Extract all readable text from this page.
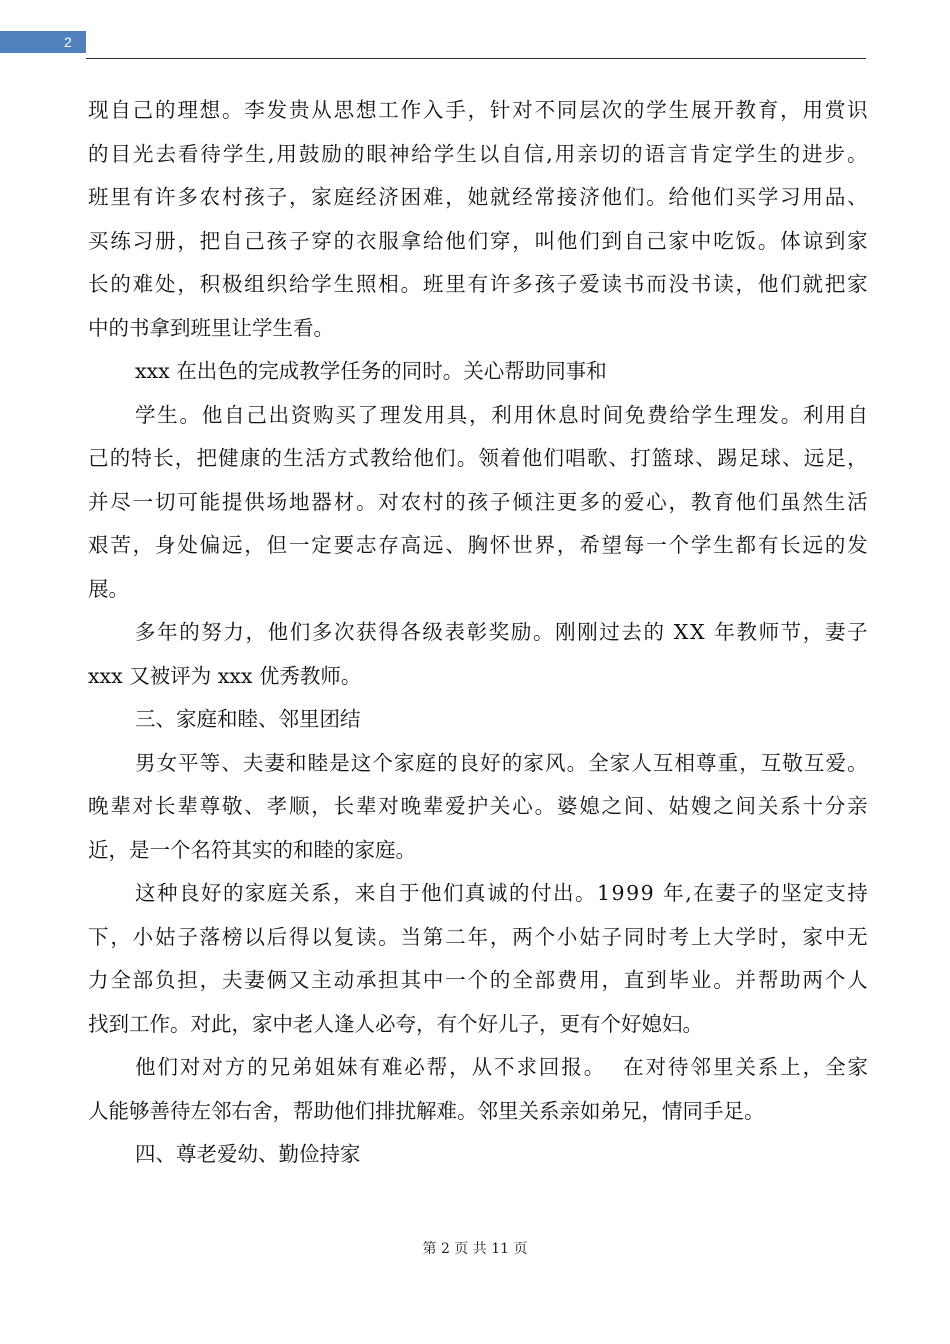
2
现 自 己 的 理 想 。 李 发 贵 从 思 想 工 作 入 手 ， 针 对 不 同 层 次 的 学 生 展 开 教 育 ， 用 赏 识
的 目 光 去 看 待 学 生 , 用 鼓 励 的 眼 神 给 学 生 以 自 信 , 用 亲 切 的 语 言 肯 定 学 生 的 进 步 。
班 里 有 许 多 农 村 孩 子 ， 家 庭 经 济 困 难 ， 她 就 经 常 接 济 他 们 。 给 他 们 买 学 习 用 品 、
买 练 习 册 ， 把 自 己 孩 子 穿 的 衣 服 拿 给 他 们 穿 ， 叫 他 们 到 自 己 家 中 吃 饭 。 体 谅 到 家
长 的 难 处 ， 积 极 组 织 给 学 生 照 相 。 班 里 有 许 多 孩 子 爱 读 书 而 没 书 读 ， 他 们 就 把 家
中的书拿到班里让学生看。
xxx 在出色的完成教学任务的同时。关心帮助同事和
学 生 。 他 自 己 出 资 购 买 了 理 发 用 具 ， 利 用 休 息 时 间 免 费 给 学 生 理 发 。 利 用 自
己 的 特 长 ， 把 健 康 的 生 活 方 式 教 给 他 们 。 领 着 他 们 唱 歌 、 打 篮 球 、 踢 足 球 、 远 足 ，
并 尽 一 切 可 能 提 供 场 地 器 材 。 对 农 村 的 孩 子 倾 注 更 多 的 爱 心 ， 教 育 他 们 虽 然 生 活
艰 苦 ， 身 处 偏 远 ， 但 一 定 要 志 存 高 远 、 胸 怀 世 界 ， 希 望 每 一 个 学 生 都 有 长 远 的 发
展。
多 年 的 努 力 ， 他 们 多 次 获 得 各 级 表 彰 奖 励 。 刚 刚 过 去 的
X X
年 教 师 节 ， 妻 子
xxx 又被评为 xxx 优秀教师。
三、家庭和睦、邻里团结
男 女 平 等 、 夫 妻 和 睦 是 这 个 家 庭 的 良 好 的 家 风 。 全 家 人 互 相 尊 重 ， 互 敬 互 爱 。
晚 辈 对 长 辈 尊 敬 、 孝 顺 ， 长 辈 对 晚 辈 爱 护 关 心 。 婆 媳 之 间 、 姑 嫂 之 间 关 系 十 分 亲
近，是一个名符其实的和睦的家庭。
这 种 良 好 的 家 庭 关 系 ， 来 自 于 他 们 真 诚 的 付 出 。 1 9 9 9
年 , 在 妻 子 的 坚 定 支 持
下 ， 小 姑 子 落 榜 以 后 得 以 复 读 。 当 第 二 年 ， 两 个 小 姑 子 同 时 考 上 大 学 时 ， 家 中 无
力 全 部 负 担 ， 夫 妻 俩 又 主 动 承 担 其 中 一 个 的 全 部 费 用 ， 直 到 毕 业 。 并 帮 助 两 个 人
找到工作。对此，家中老人逢人必夸，有个好儿子，更有个好媳妇。
他 们 对 对 方 的 兄 弟 姐 妹 有 难 必 帮 ， 从 不 求 回 报 。

在 对 待 邻 里 关 系 上 ， 全 家
人能够善待左邻右舍，帮助他们排扰解难。邻里关系亲如弟兄，情同手足。
四、尊老爱幼、勤俭持家
第 2 页 共 11 页
